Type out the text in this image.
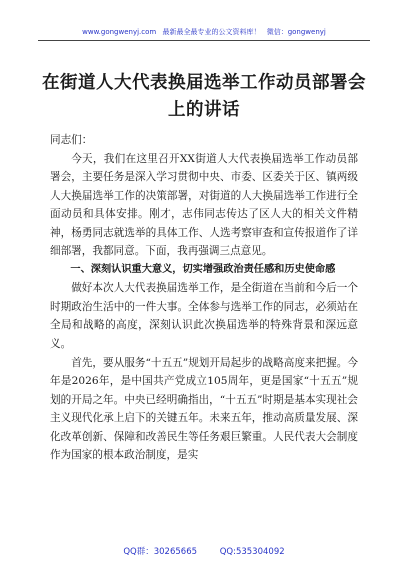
www.gongwenyj.com 最新最全最专业的公文资料库！ 微信：gongwenyj
在街道人大代表换届选举工作动员部署会上的讲话

同志们：

今天，我们在这里召开XX街道人大代表换届选举工作动员部署会，主要任务是深入学习贯彻中央、市委、区委关于区、镇两级人大换届选举工作的决策部署，对街道的人大换届选举工作进行全面动员和具体安排。刚才，志伟同志传达了区人大的相关文件精神，杨勇同志就选举的具体工作、人选考察审查和宣传报道作了详细部署，我都同意。下面，我再强调三点意见。

一、深刻认识重大意义，切实增强政治责任感和历史使命感

做好本次人大代表换届选举工作，是全街道在当前和今后一个时期政治生活中的一件大事。全体参与选举工作的同志，必须站在全局和战略的高度，深刻认识此次换届选举的特殊背景和深远意义。

首先，要从服务“十五五”规划开局起步的战略高度来把握。今年是2026年，是中国共产党成立105周年，更是国家“十五五”规划的开局之年。中央已经明确指出，“十五五”时期是基本实现社会主义现代化承上启下的关键五年。未来五年，推动高质量发展、深化改革创新、保障和改善民生等任务艰巨繁重。人民代表大会制度作为国家的根本政治制度，是实

QQ群：30265665	QQ:535304092
